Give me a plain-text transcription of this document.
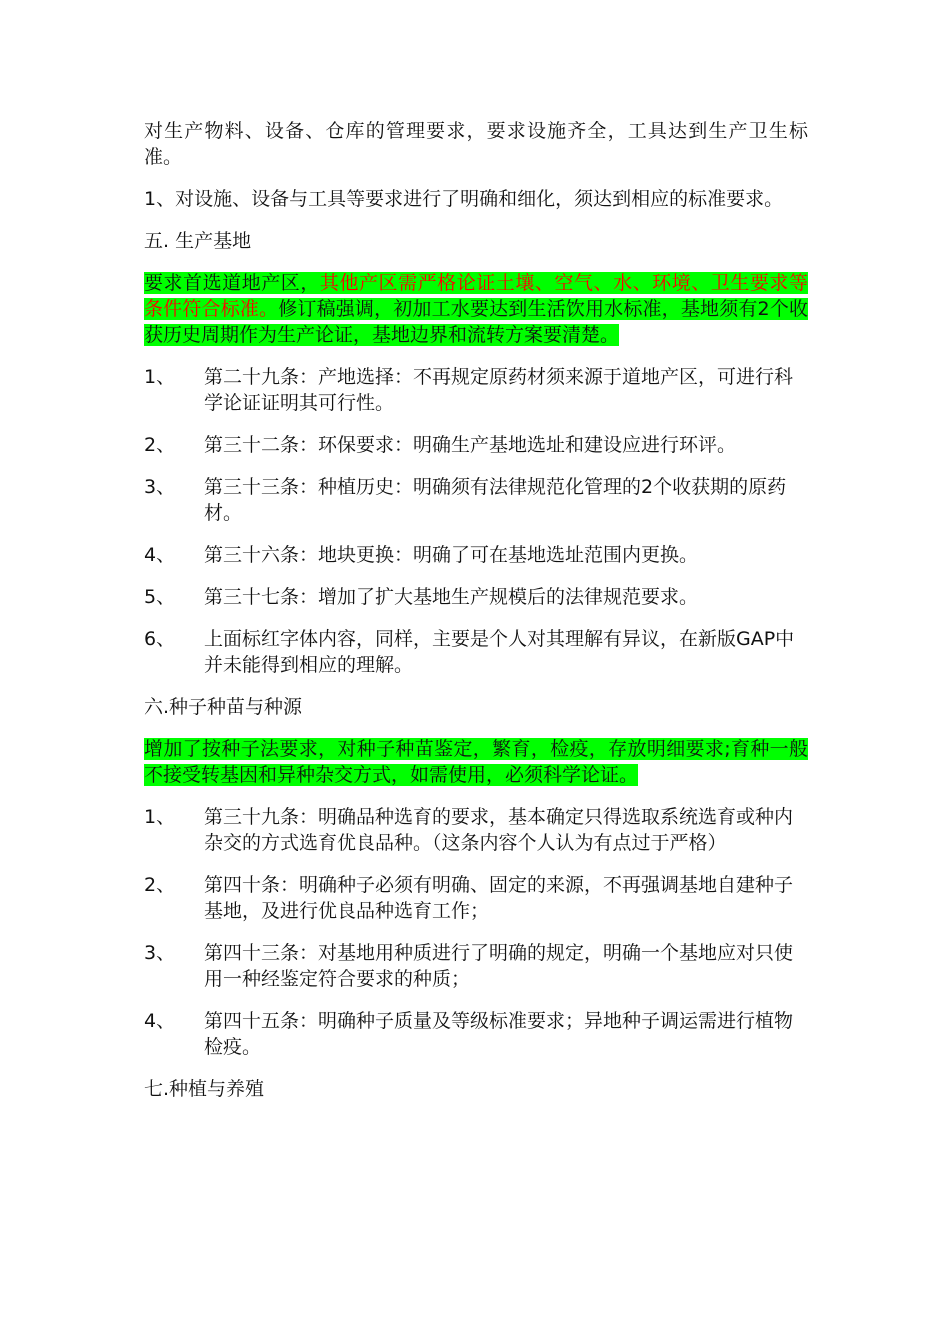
对生产物料、设备、仓库的管理要求，要求设施齐全，工具达到生产卫生标准。

1、对设施、设备与工具等要求进行了明确和细化，须达到相应的标准要求。

五. 生产基地

要求首选道地产区，其他产区需严格论证土壤、空气、水、环境、卫生要求等条件符合标准。修订稿强调，初加工水要达到生活饮用水标准，基地须有2个收获历史周期作为生产论证，基地边界和流转方案要清楚。

1、	第二十九条：产地选择：不再规定原药材须来源于道地产区，可进行科学论证证明其可行性。
2、	第三十二条：环保要求：明确生产基地选址和建设应进行环评。
3、	第三十三条：种植历史：明确须有法律规范化管理的2个收获期的原药材。
4、	第三十六条：地块更换：明确了可在基地选址范围内更换。
5、	第三十七条：增加了扩大基地生产规模后的法律规范要求。
6、	上面标红字体内容，同样，主要是个人对其理解有异议，在新版GAP中并未能得到相应的理解。

六.种子种苗与种源

增加了按种子法要求，对种子种苗鉴定，繁育，检疫，存放明细要求;育种一般不接受转基因和异种杂交方式，如需使用，必须科学论证。

1、	第三十九条：明确品种选育的要求，基本确定只得选取系统选育或种内杂交的方式选育优良品种。（这条内容个人认为有点过于严格）
2、	第四十条：明确种子必须有明确、固定的来源，不再强调基地自建种子基地，及进行优良品种选育工作；
3、	第四十三条：对基地用种质进行了明确的规定，明确一个基地应对只使用一种经鉴定符合要求的种质；
4、	第四十五条：明确种子质量及等级标准要求；异地种子调运需进行植物检疫。

七.种植与养殖
